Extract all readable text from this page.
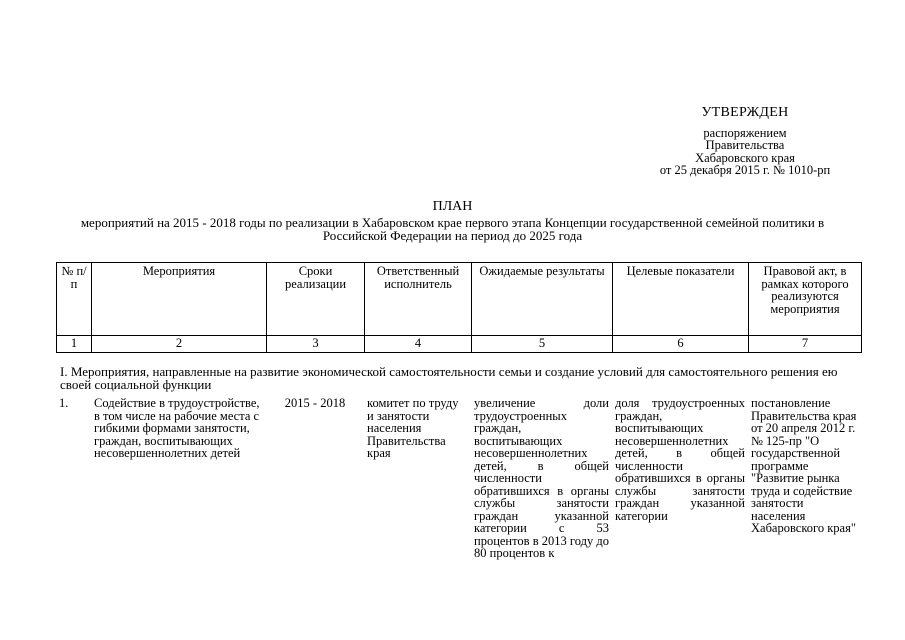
УТВЕРЖДЕН
распоряжением
Правительства
Хабаровского края
от 25 декабря 2015 г. № 1010-рп
ПЛАН
мероприятий на 2015 - 2018 годы по реализации в Хабаровском крае первого этапа Концепции государственной семейной политики в Российской Федерации на период до 2025 года
№ п/п	Мероприятия	Сроки реализации	Ответственный исполнитель	Ожидаемые результаты	Целевые показатели	Правовой акт, в рамках которого реализуются мероприятия
1	2	3	4	5	6	7
I. Мероприятия, направленные на развитие экономической самостоятельности семьи и создание условий для самостоятельного решения ею своей социальной функции
1.	Содействие в трудоустройстве, в том числе на рабочие места с гибкими формами занятости, граждан, воспитывающих несовершеннолетних детей	2015 - 2018	комитет по труду и занятости населения Правительства края	увеличение доли трудоустроенных граждан, воспитывающих несовершеннолетних детей, в общей численности обратившихся в органы службы занятости граждан указанной категории с 53 процентов в 2013 году до 80 процентов к	доля трудоустроенных граждан, воспитывающих несовершеннолетних детей, в общей численности обратившихся в органы службы занятости граждан указанной категории	постановление Правительства края от 20 апреля 2012 г. № 125-пр "О государственной программе "Развитие рынка труда и содействие занятости населения Хабаровского края"
